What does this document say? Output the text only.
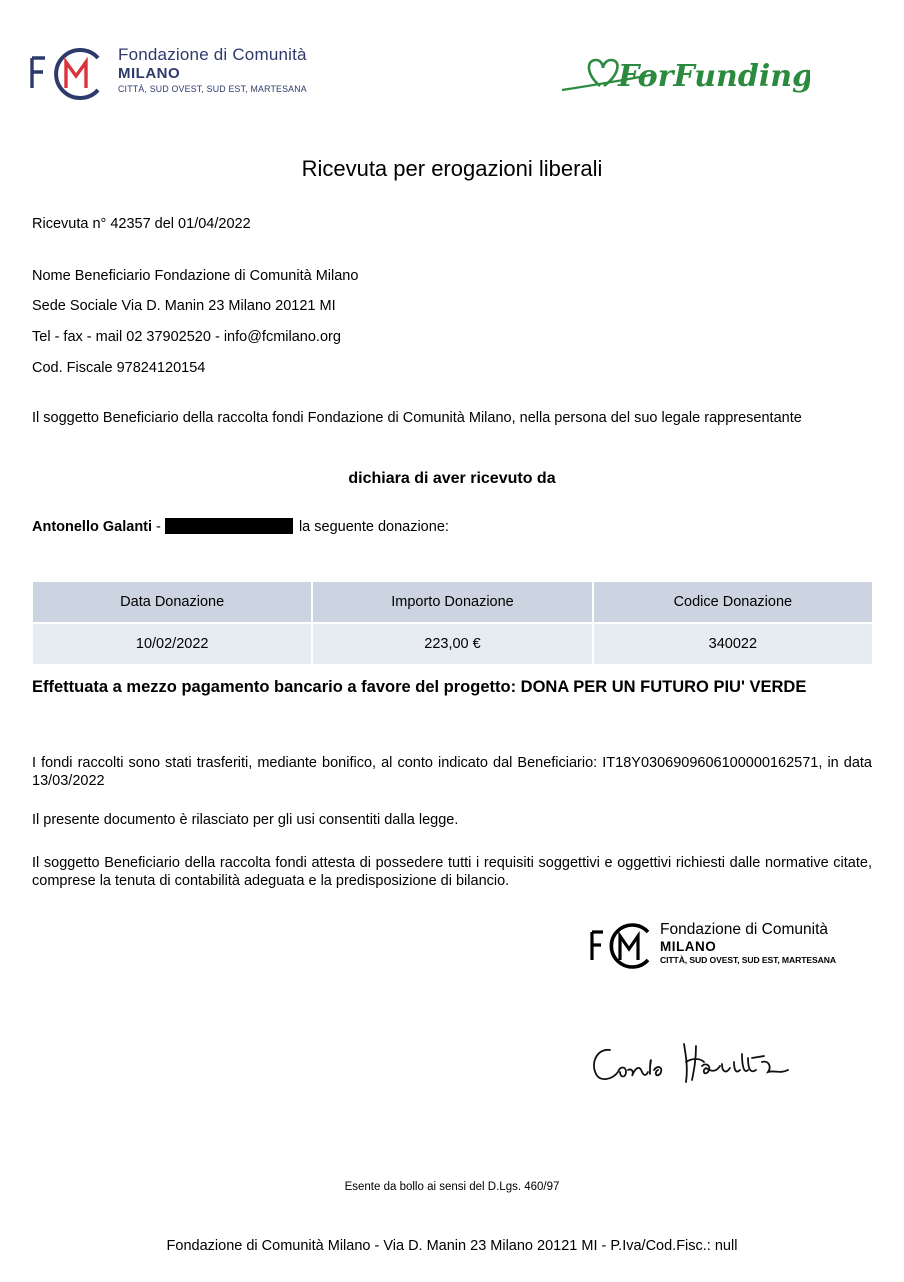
Fondazione di Comunità
MILANO
CITTÀ, SUD OVEST, SUD EST, MARTESANA	ForFunding
Ricevuta per erogazioni liberali
Ricevuta n° 42357 del 01/04/2022
Nome Beneficiario Fondazione di Comunità Milano
Sede Sociale Via D. Manin 23 Milano 20121 MI
Tel - fax - mail 02 37902520 - info@fcmilano.org
Cod. Fiscale 97824120154
Il soggetto Beneficiario della raccolta fondi Fondazione di Comunità Milano, nella persona del suo legale rappresentante
dichiara di aver ricevuto da
Antonello Galanti -	la seguente donazione:
Data Donazione	Importo Donazione	Codice Donazione
10/02/2022	223,00 €	340022
Effettuata a mezzo pagamento bancario a favore del progetto: DONA PER UN FUTURO PIU' VERDE
I fondi raccolti sono stati trasferiti, mediante bonifico, al conto indicato dal Beneficiario: IT18Y0306909606100000162571, in data 13/03/2022
Il presente documento è rilasciato per gli usi consentiti dalla legge.
Il soggetto Beneficiario della raccolta fondi attesta di possedere tutti i requisiti soggettivi e oggettivi richiesti dalle normative citate, comprese la tenuta di contabilità adeguata e la predisposizione di bilancio.
Fondazione di Comunità
MILANO
CITTÀ, SUD OVEST, SUD EST, MARTESANA
Esente da bollo ai sensi del D.Lgs. 460/97
Fondazione di Comunità Milano - Via D. Manin 23 Milano 20121 MI - P.Iva/Cod.Fisc.: null
